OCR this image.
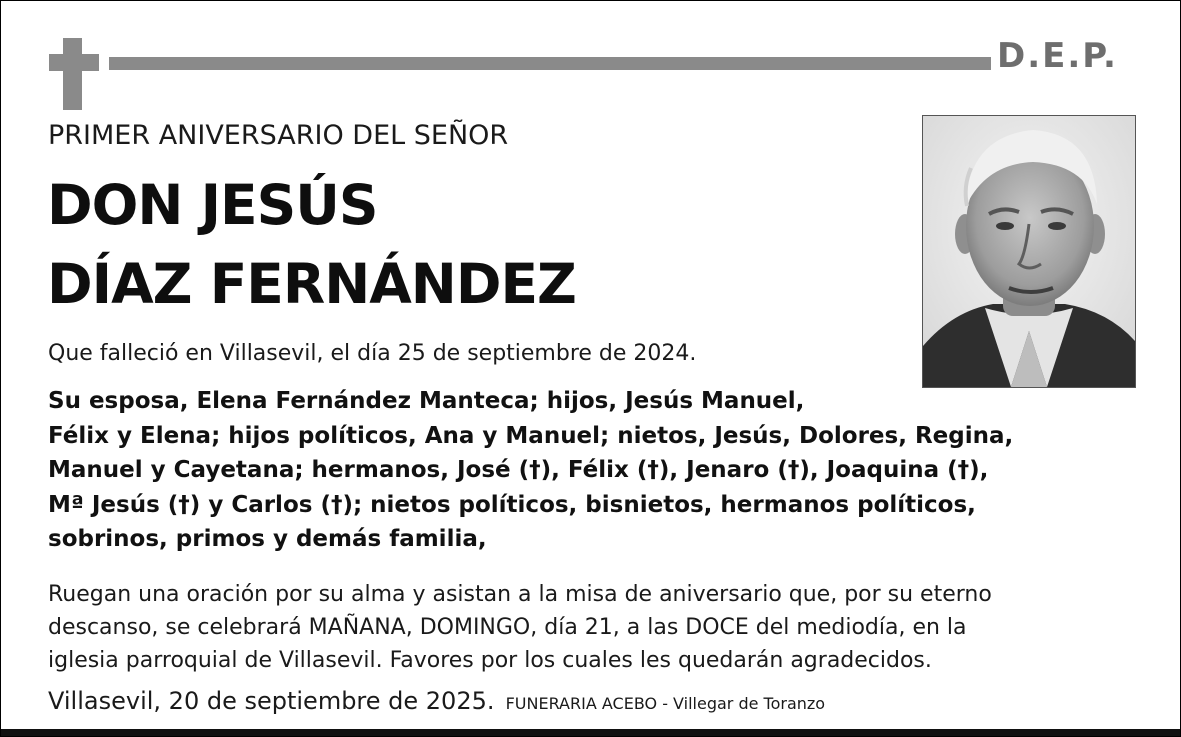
D.E.P.
PRIMER ANIVERSARIO DEL SEÑOR
DON JESÚS
DÍAZ FERNÁNDEZ
Que falleció en Villasevil, el día 25 de septiembre de 2024.
Su esposa, Elena Fernández Manteca; hijos, Jesús Manuel,
Félix y Elena; hijos políticos, Ana y Manuel; nietos, Jesús, Dolores, Regina,
Manuel y Cayetana; hermanos, José (†), Félix (†), Jenaro (†), Joaquina (†),
Mª Jesús (†) y Carlos (†); nietos políticos, bisnietos, hermanos políticos,
sobrinos, primos y demás familia,
Ruegan una oración por su alma y asistan a la misa de aniversario que, por su eterno
descanso, se celebrará MAÑANA, DOMINGO, día 21, a las DOCE del mediodía, en la
iglesia parroquial de Villasevil. Favores por los cuales les quedarán agradecidos.
Villasevil, 20 de septiembre de 2025. FUNERARIA ACEBO - Villegar de Toranzo
